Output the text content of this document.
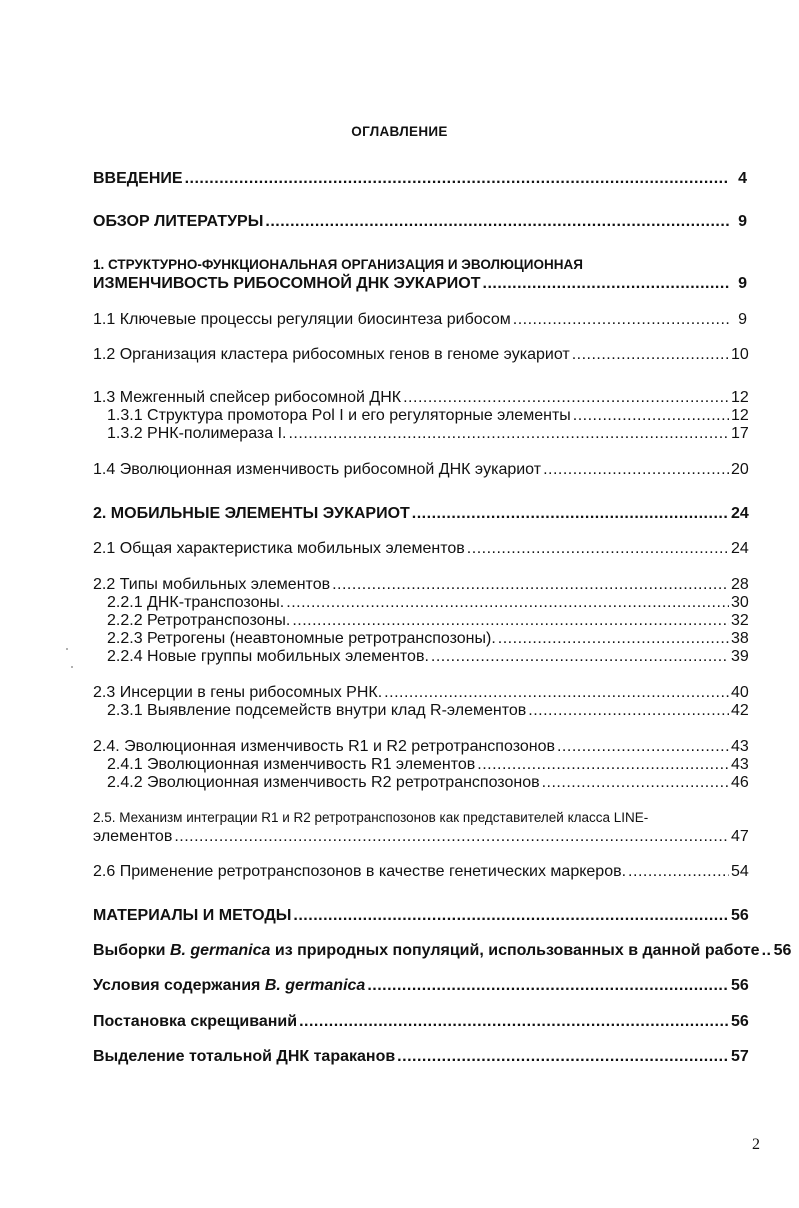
ОГЛАВЛЕНИЕ
ВВЕДЕНИЕ .....	4
ОБЗОР ЛИТЕРАТУРЫ .....	9
1. СТРУКТУРНО-ФУНКЦИОНАЛЬНАЯ ОРГАНИЗАЦИЯ И ЭВОЛЮЦИОННАЯ
ИЗМЕНЧИВОСТЬ РИБОСОМНОЙ ДНК ЭУКАРИОТ .....	9
1.1 Ключевые процессы регуляции биосинтеза рибосом .....	9
1.2 Организация кластера рибосомных генов в геноме эукариот .....	10
1.3 Межгенный спейсер рибосомной ДНК .....	12
1.3.1 Структура промотора Pol I и его регуляторные элементы .....	12
1.3.2 РНК-полимераза I. .....	17
1.4 Эволюционная изменчивость рибосомной ДНК эукариот .....	20
2. МОБИЛЬНЫЕ ЭЛЕМЕНТЫ ЭУКАРИОТ .....	24
2.1 Общая характеристика мобильных элементов .....	24
2.2 Типы мобильных элементов .....	28
2.2.1 ДНК-транспозоны. .....	30
2.2.2 Ретротранспозоны. .....	32
2.2.3 Ретрогены (неавтономные ретротранспозоны). .....	38
2.2.4 Новые группы мобильных элементов. .....	39
2.3 Инсерции в гены рибосомных РНК. .....	40
2.3.1 Выявление подсемейств внутри клад R-элементов .....	42
2.4. Эволюционная изменчивость R1 и R2 ретротранспозонов .....	43
2.4.1 Эволюционная изменчивость R1 элементов .....	43
2.4.2 Эволюционная изменчивость R2 ретротранспозонов .....	46
2.5. Механизм интеграции R1 и R2 ретротранспозонов как представителей класса LINE-
элементов .....	47
2.6 Применение ретротранспозонов в качестве генетических маркеров. .....	54
МАТЕРИАЛЫ И МЕТОДЫ .....	56
Выборки B. germanica из природных популяций, использованных в данной работе ..... 56
Условия содержания B. germanica .....	56
Постановка скрещиваний .....	56
Выделение тотальной ДНК тараканов .....	57
2
